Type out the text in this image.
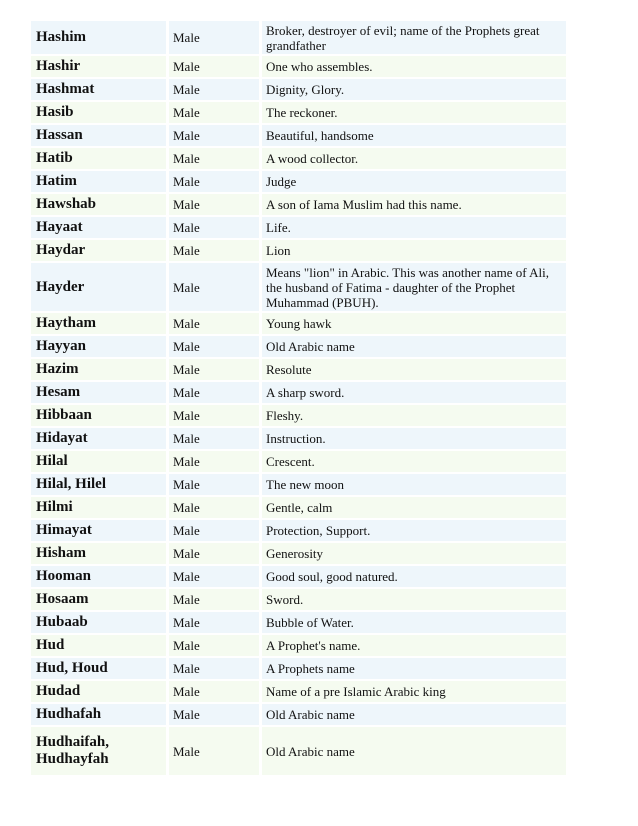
Hashim		Male		Broker, destroyer of evil; name of the Prophets great grandfather
Hashir		Male		One who assembles.
Hashmat		Male		Dignity, Glory.
Hasib		Male		The reckoner.
Hassan		Male		Beautiful, handsome
Hatib		Male		A wood collector.
Hatim		Male		Judge
Hawshab		Male		A son of Iama Muslim had this name.
Hayaat		Male		Life.
Haydar		Male		Lion
Hayder		Male		Means "lion" in Arabic. This was another name of Ali, the husband of Fatima - daughter of the Prophet Muhammad (PBUH).
Haytham		Male		Young hawk
Hayyan		Male		Old Arabic name
Hazim		Male		Resolute
Hesam		Male		A sharp sword.
Hibbaan		Male		Fleshy.
Hidayat		Male		Instruction.
Hilal		Male		Crescent.
Hilal, Hilel		Male		The new moon
Hilmi		Male		Gentle, calm
Himayat		Male		Protection, Support.
Hisham		Male		Generosity
Hooman		Male		Good soul, good natured.
Hosaam		Male		Sword.
Hubaab		Male		Bubble of Water.
Hud		Male		A Prophet's name.
Hud, Houd		Male		A Prophets name
Hudad		Male		Name of a pre Islamic Arabic king
Hudhafah		Male		Old Arabic name
Hudhaifah, Hudhayfah		Male		Old Arabic name
